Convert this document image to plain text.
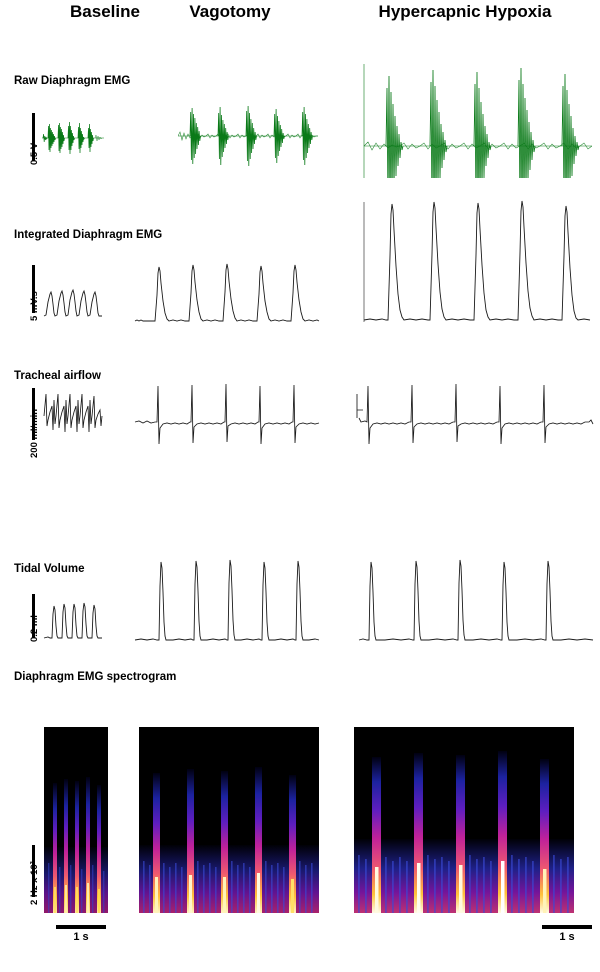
Baseline	Vagotomy	Hypercapnic Hypoxia
Raw Diaphragm EMG
Integrated Diaphragm EMG
Tracheal airflow
Tidal Volume
Diaphragm EMG spectrogram
0.5 V
5 mV.s
200 ml/min
0.2 ml
2 Hz x 10³
1 s	1 s
